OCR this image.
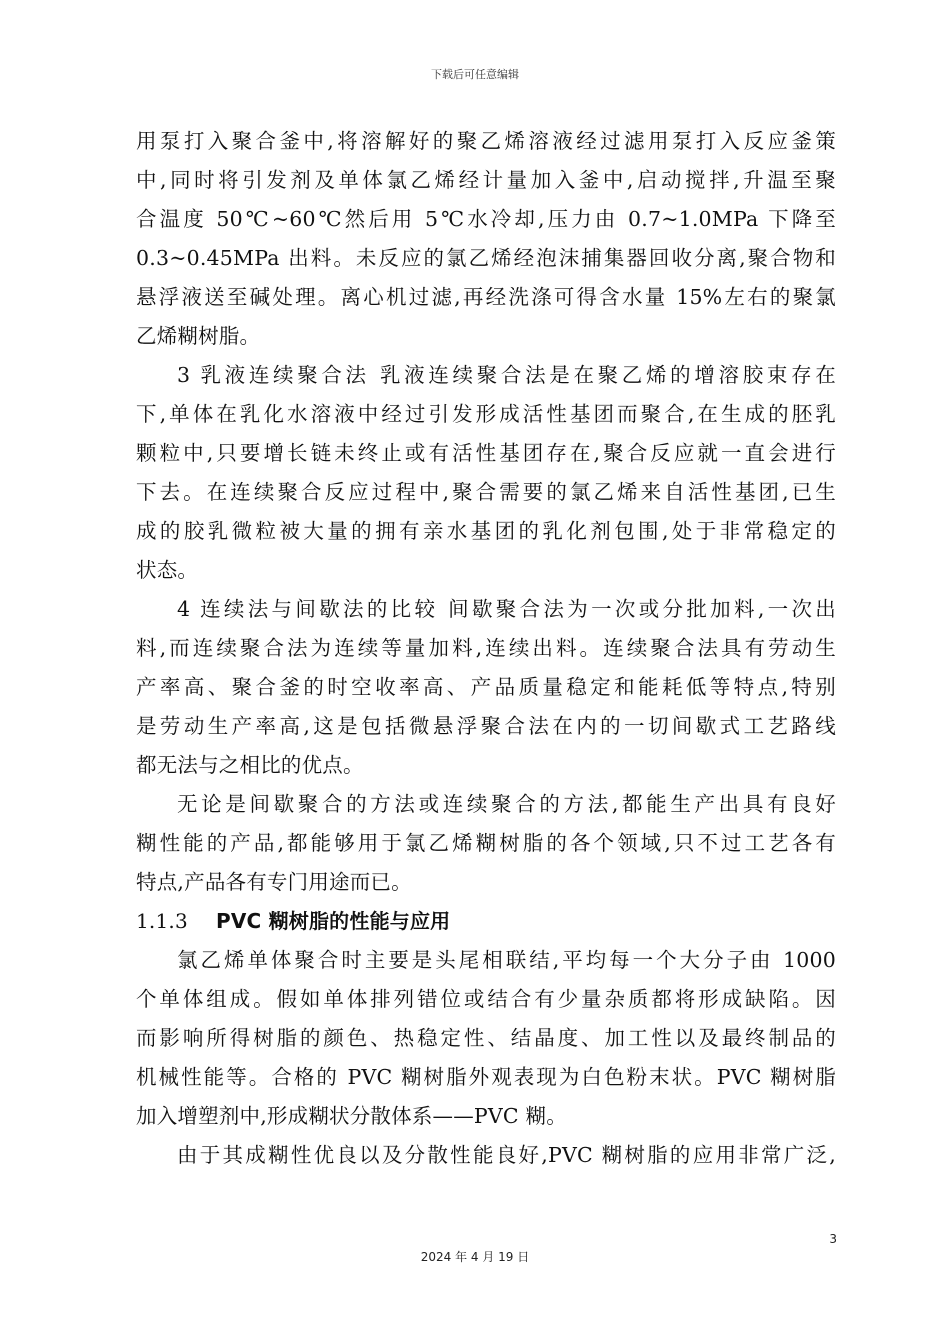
下载后可任意编辑
用泵打入聚合釜中,将溶解好的聚乙烯溶液经过滤用泵打入反应釜策
中,同时将引发剂及单体氯乙烯经计量加入釜中,启动搅拌,升温至聚
合温度 50℃~60℃然后用 5℃水冷却,压力由 0.7~1.0MPa 下降至
0.3~0.45MPa 出料。未反应的氯乙烯经泡沫捕集器回收分离,聚合物和
悬浮液送至碱处理。离心机过滤,再经洗涤可得含水量 15%左右的聚氯
乙烯糊树脂。
3 乳液连续聚合法 乳液连续聚合法是在聚乙烯的增溶胶束存在
下,单体在乳化水溶液中经过引发形成活性基团而聚合,在生成的胚乳
颗粒中,只要增长链未终止或有活性基团存在,聚合反应就一直会进行
下去。在连续聚合反应过程中,聚合需要的氯乙烯来自活性基团,已生
成的胶乳微粒被大量的拥有亲水基团的乳化剂包围,处于非常稳定的
状态。
4 连续法与间歇法的比较 间歇聚合法为一次或分批加料,一次出
料,而连续聚合法为连续等量加料,连续出料。连续聚合法具有劳动生
产率高、聚合釜的时空收率高、产品质量稳定和能耗低等特点,特别
是劳动生产率高,这是包括微悬浮聚合法在内的一切间歇式工艺路线
都无法与之相比的优点。
无论是间歇聚合的方法或连续聚合的方法,都能生产出具有良好
糊性能的产品,都能够用于氯乙烯糊树脂的各个领域,只不过工艺各有
特点,产品各有专门用途而已。
1.1.3 PVC 糊树脂的性能与应用
氯乙烯单体聚合时主要是头尾相联结,平均每一个大分子由 1000
个单体组成。假如单体排列错位或结合有少量杂质都将形成缺陷。因
而影响所得树脂的颜色、热稳定性、结晶度、加工性以及最终制品的
机械性能等。合格的 PVC 糊树脂外观表现为白色粉末状。PVC 糊树脂
加入增塑剂中,形成糊状分散体系——PVC 糊。
由于其成糊性优良以及分散性能良好,PVC 糊树脂的应用非常广泛,
3
2024 年 4 月 19 日
